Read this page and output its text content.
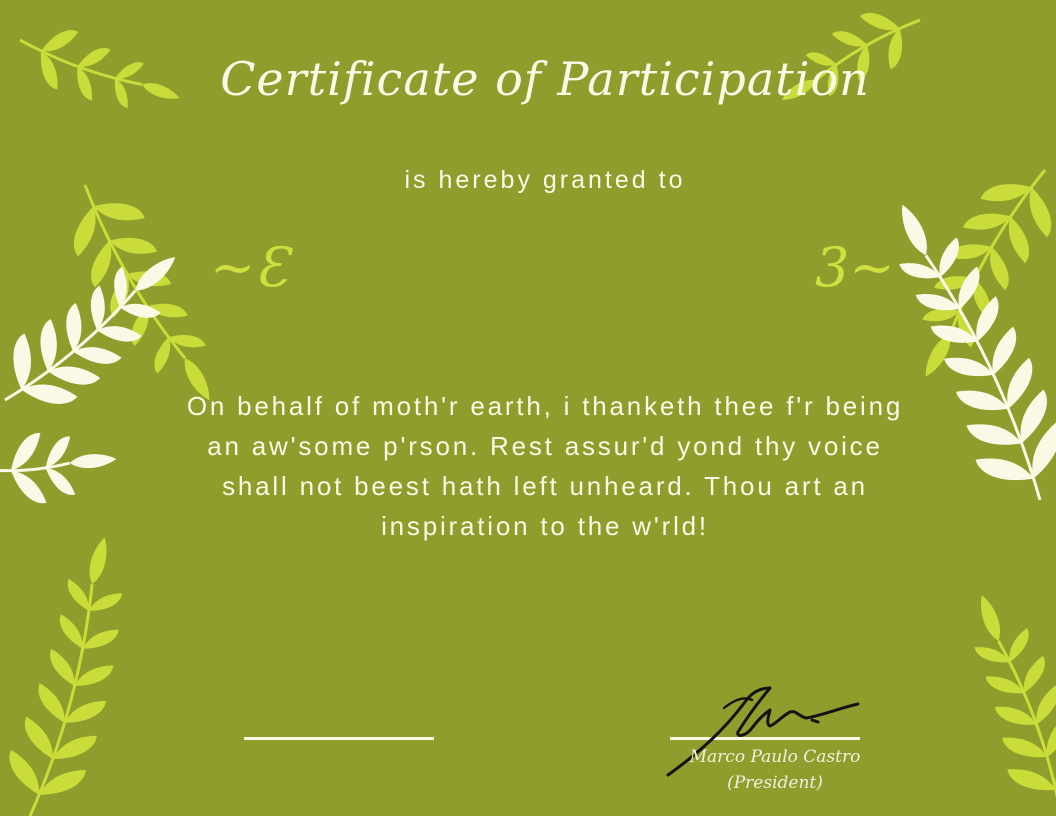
Certificate of Participation
is hereby granted to
~Ɛ	3~
On behalf of moth'r earth, i thanketh thee f'r being an aw'some p'rson. Rest assur'd yond thy voice shall not beest hath left unheard. Thou art an inspiration to the w'rld!
Marco Paulo Castro
(President)
